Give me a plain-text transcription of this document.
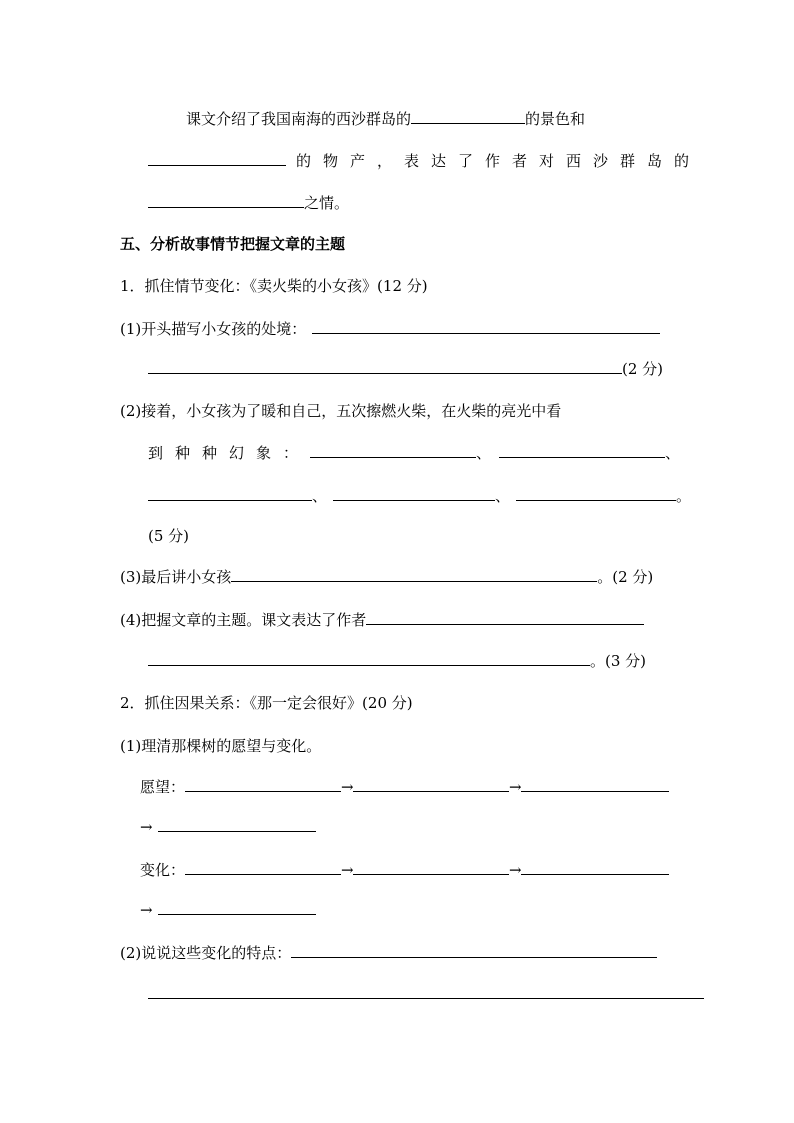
课文介绍了我国南海的西沙群岛的	的景色和
的物产，表达了作者对西沙群岛的
之情。
五、分析故事情节把握文章的主题
1．抓住情节变化：《卖火柴的小女孩》(12 分)
(1)开头描写小女孩的处境：
(2 分)
(2)接着，小女孩为了暖和自己，五次擦燃火柴，在火柴的亮光中看
到种种幻象：	、	、
、	、	。
(5 分)
(3)最后讲小女孩	。(2 分)
(4)把握文章的主题。课文表达了作者
。(3 分)
2．抓住因果关系：《那一定会很好》(20 分)
(1)理清那棵树的愿望与变化。
愿望：	→	→
→
变化：	→	→
→
(2)说说这些变化的特点：
